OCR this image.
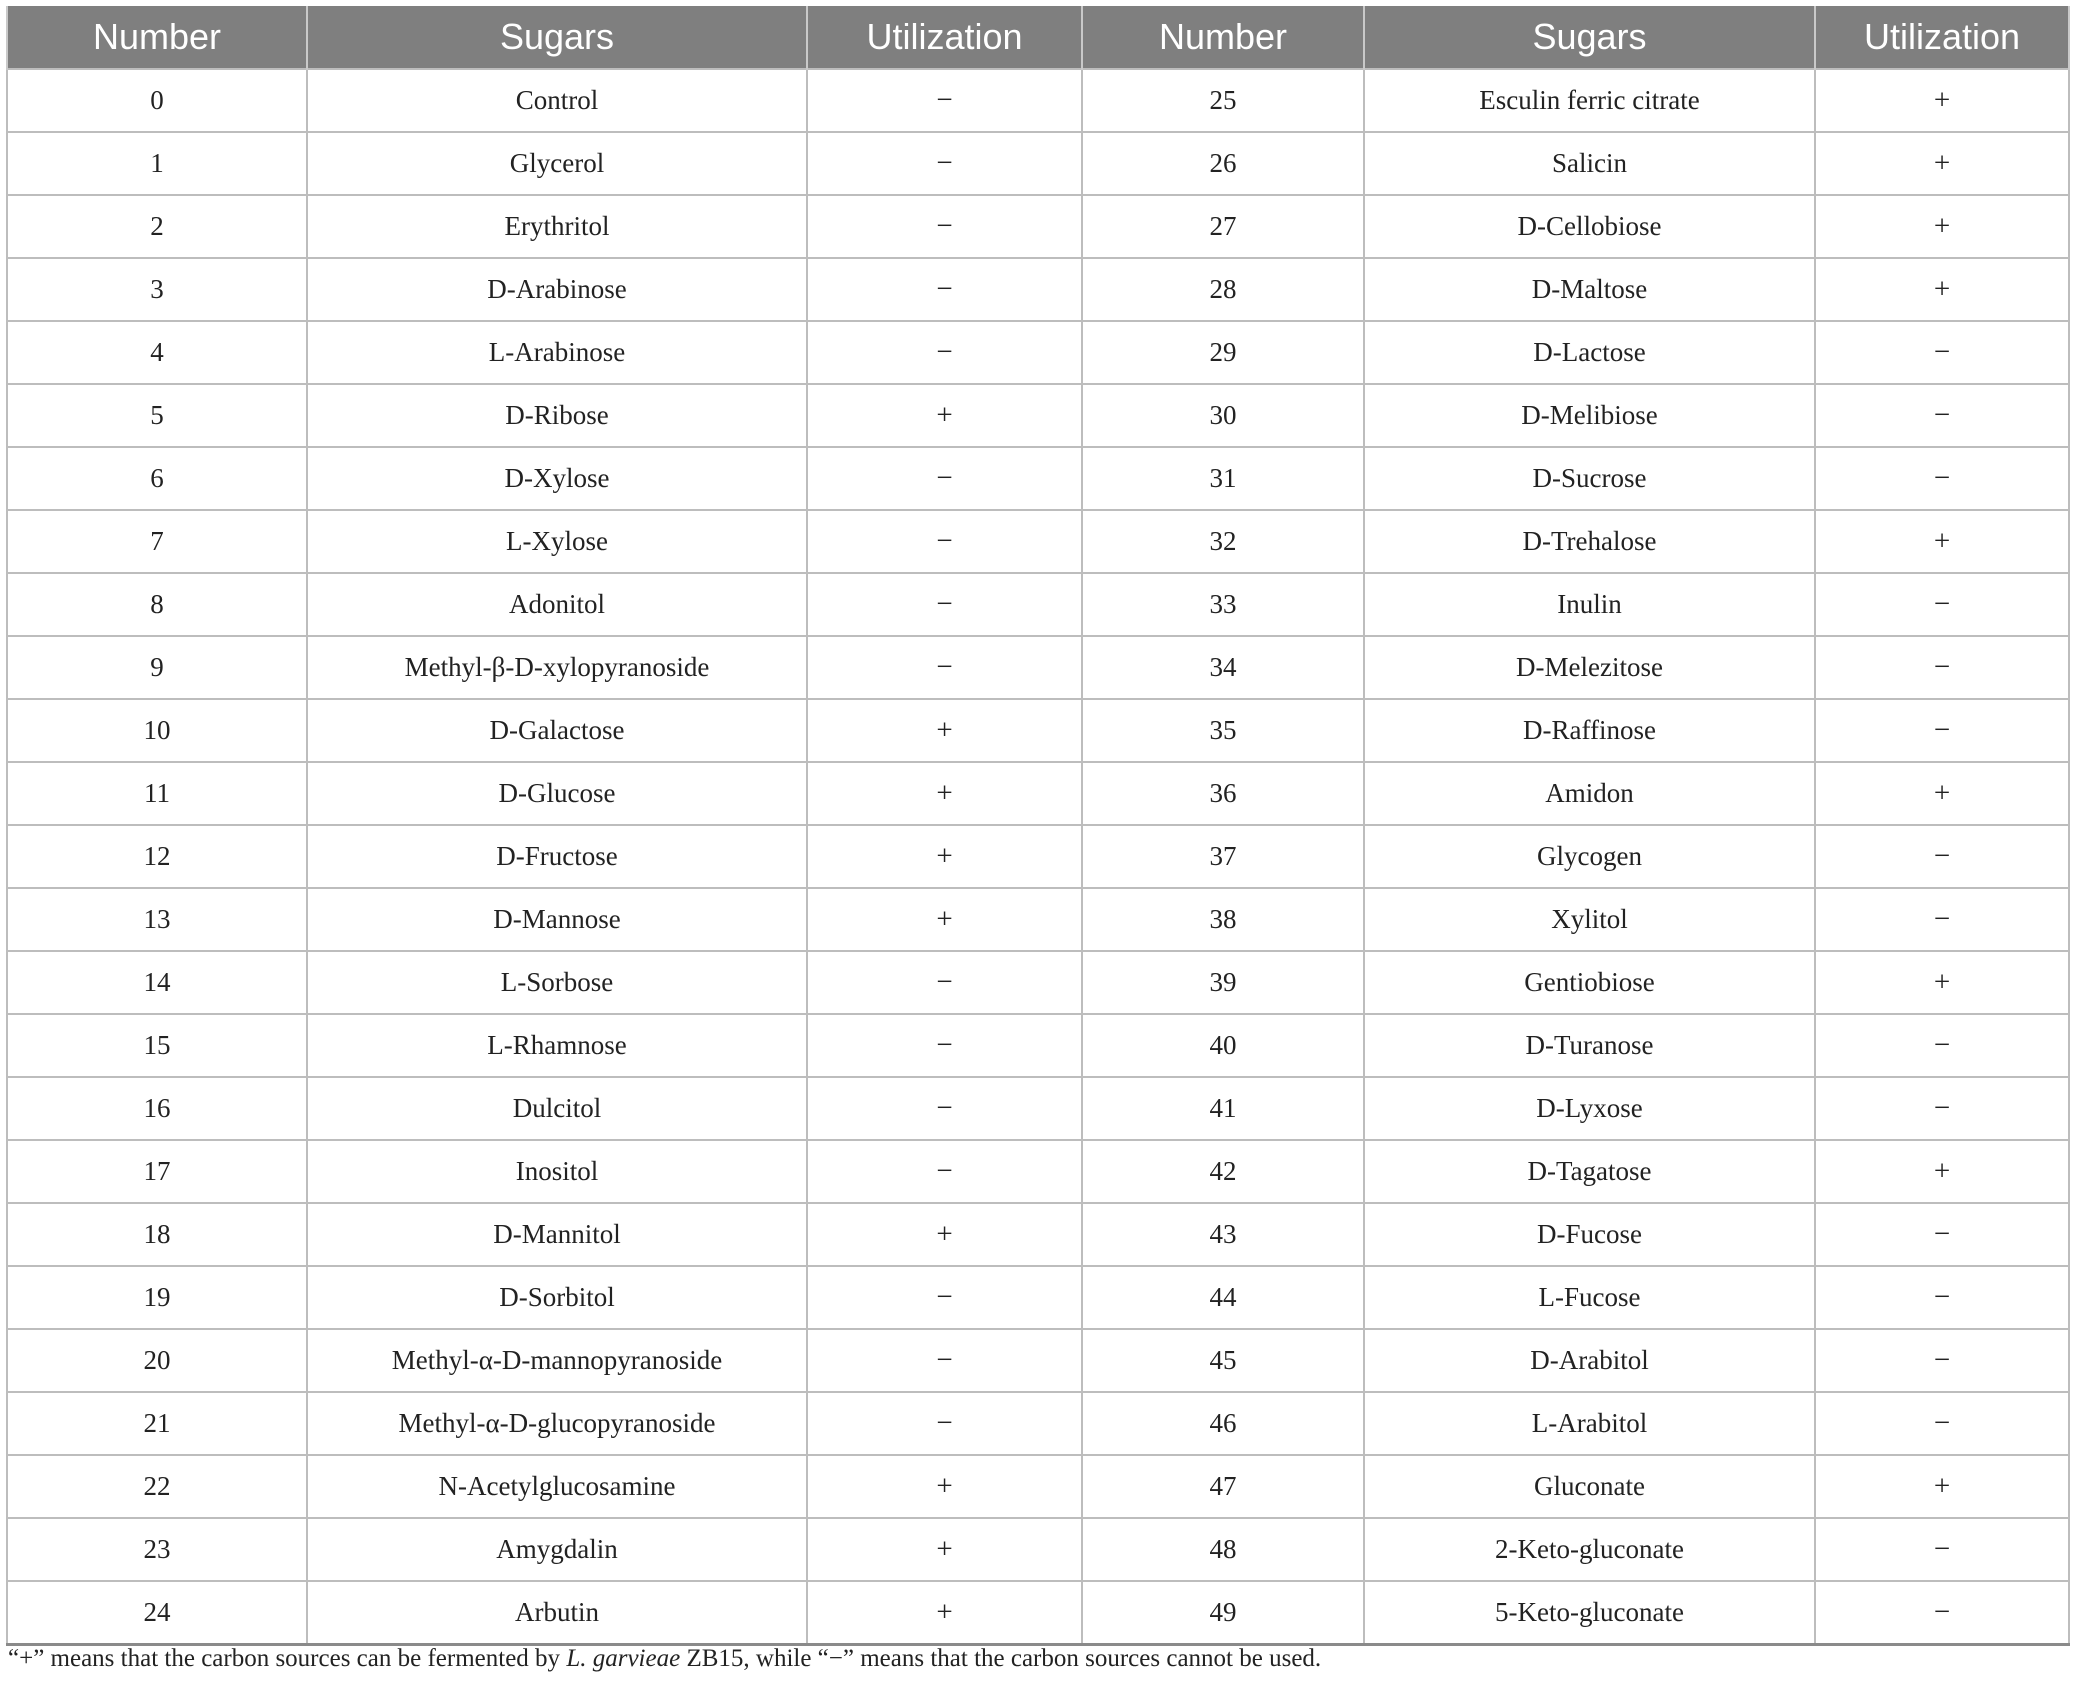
Number	Sugars	Utilization	Number	Sugars	Utilization
0	Control	−	25	Esculin ferric citrate	+
1	Glycerol	−	26	Salicin	+
2	Erythritol	−	27	D-Cellobiose	+
3	D-Arabinose	−	28	D-Maltose	+
4	L-Arabinose	−	29	D-Lactose	−
5	D-Ribose	+	30	D-Melibiose	−
6	D-Xylose	−	31	D-Sucrose	−
7	L-Xylose	−	32	D-Trehalose	+
8	Adonitol	−	33	Inulin	−
9	Methyl-β-D-xylopyranoside	−	34	D-Melezitose	−
10	D-Galactose	+	35	D-Raffinose	−
11	D-Glucose	+	36	Amidon	+
12	D-Fructose	+	37	Glycogen	−
13	D-Mannose	+	38	Xylitol	−
14	L-Sorbose	−	39	Gentiobiose	+
15	L-Rhamnose	−	40	D-Turanose	−
16	Dulcitol	−	41	D-Lyxose	−
17	Inositol	−	42	D-Tagatose	+
18	D-Mannitol	+	43	D-Fucose	−
19	D-Sorbitol	−	44	L-Fucose	−
20	Methyl-α-D-mannopyranoside	−	45	D-Arabitol	−
21	Methyl-α-D-glucopyranoside	−	46	L-Arabitol	−
22	N-Acetylglucosamine	+	47	Gluconate	+
23	Amygdalin	+	48	2-Keto-gluconate	−
24	Arbutin	+	49	5-Keto-gluconate	−
“+” means that the carbon sources can be fermented by L. garvieae ZB15, while “−” means that the carbon sources cannot be used.
